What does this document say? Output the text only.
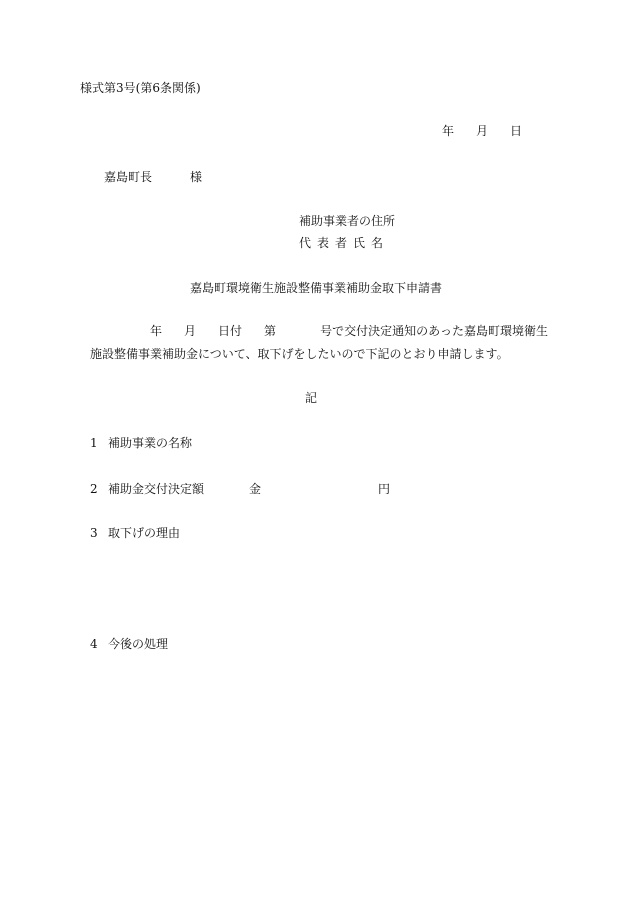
様式第3号(第6条関係)
年 月 日
嘉島町長	様
補助事業者の住所
代表者氏名
嘉島町環境衛生施設整備事業補助金取下申請書
年 月 日付 第	号で交付決定通知のあった嘉島町環境衛生
施設整備事業補助金について、取下げをしたいので下記のとおり申請します。
記
1 補助事業の名称
2 補助金交付決定額	金	円
3 取下げの理由
4 今後の処理
